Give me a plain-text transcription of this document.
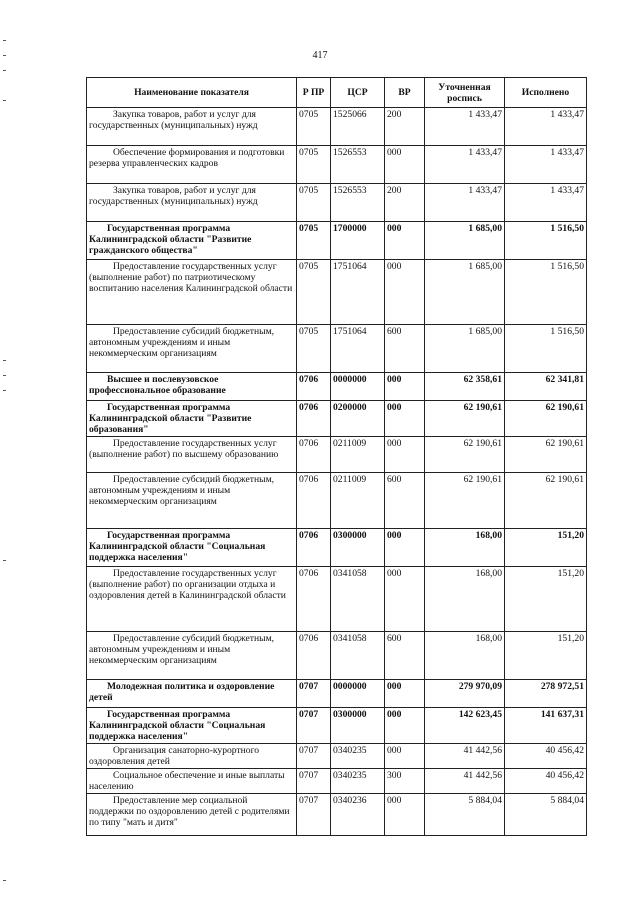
417
Наименование показателя	Р ПР	ЦСР	ВР	Уточненная роспись	Исполнено
Закупка товаров, работ и услуг для государственных (муниципальных) нужд	0705	1525066	200	1 433,47	1 433,47
Обеспечение формирования и подготовки резерва управленческих кадров	0705	1526553	000	1 433,47	1 433,47
Закупка товаров, работ и услуг для государственных (муниципальных) нужд	0705	1526553	200	1 433,47	1 433,47
Государственная программа Калининградской области "Развитие гражданского общества"	0705	1700000	000	1 685,00	1 516,50
Предоставление государственных услуг (выполнение работ) по патриотическому воспитанию населения Калининградской области	0705	1751064	000	1 685,00	1 516,50
Предоставление субсидий бюджетным, автономным учреждениям и иным некоммерческим организациям	0705	1751064	600	1 685,00	1 516,50
Высшее и послевузовское профессиональное образование	0706	0000000	000	62 358,61	62 341,81
Государственная программа Калининградской области "Развитие образования"	0706	0200000	000	62 190,61	62 190,61
Предоставление государственных услуг (выполнение работ) по высшему образованию	0706	0211009	000	62 190,61	62 190,61
Предоставление субсидий бюджетным, автономным учреждениям и иным некоммерческим организациям	0706	0211009	600	62 190,61	62 190,61
Государственная программа Калининградской области "Социальная поддержка населения"	0706	0300000	000	168,00	151,20
Предоставление государственных услуг (выполнение работ) по организации отдыха и оздоровления детей в Калининградской области	0706	0341058	000	168,00	151,20
Предоставление субсидий бюджетным, автономным учреждениям и иным некоммерческим организациям	0706	0341058	600	168,00	151,20
Молодежная политика и оздоровление детей	0707	0000000	000	279 970,09	278 972,51
Государственная программа Калининградской области "Социальная поддержка населения"	0707	0300000	000	142 623,45	141 637,31
Организация санаторно-курортного оздоровления детей	0707	0340235	000	41 442,56	40 456,42
Социальное обеспечение и иные выплаты населению	0707	0340235	300	41 442,56	40 456,42
Предоставление мер социальной поддержки по оздоровлению детей с родителями по типу "мать и дитя"	0707	0340236	000	5 884,04	5 884,04
